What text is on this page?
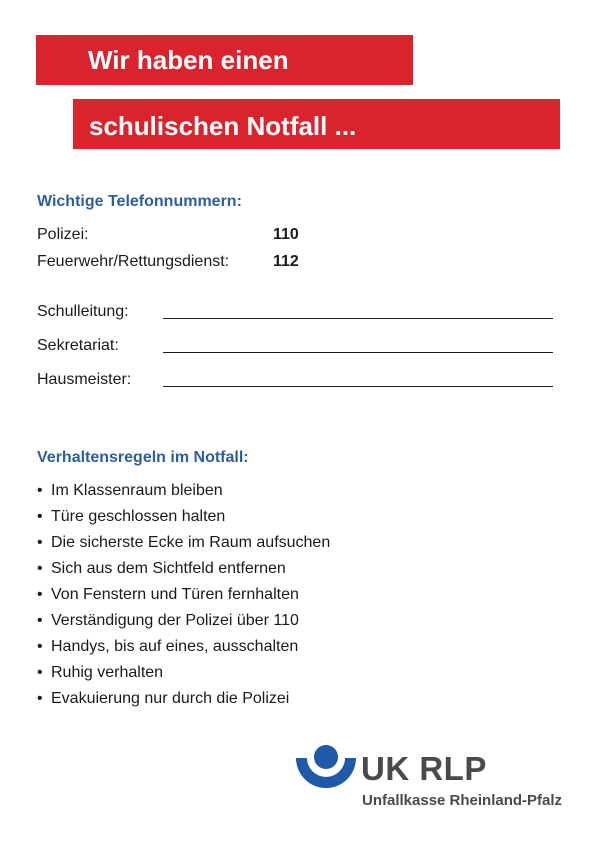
Wir haben einen
schulischen Notfall ...
Wichtige Telefonnummern:
Polizei:	110
Feuerwehr/Rettungsdienst:	112
Schulleitung:
Sekretariat:
Hausmeister:
Verhaltensregeln im Notfall:
• Im Klassenraum bleiben
• Türe geschlossen halten
• Die sicherste Ecke im Raum aufsuchen
• Sich aus dem Sichtfeld entfernen
• Von Fenstern und Türen fernhalten
• Verständigung der Polizei über 110
• Handys, bis auf eines, ausschalten
• Ruhig verhalten
• Evakuierung nur durch die Polizei
UK RLP
Unfallkasse Rheinland-Pfalz
